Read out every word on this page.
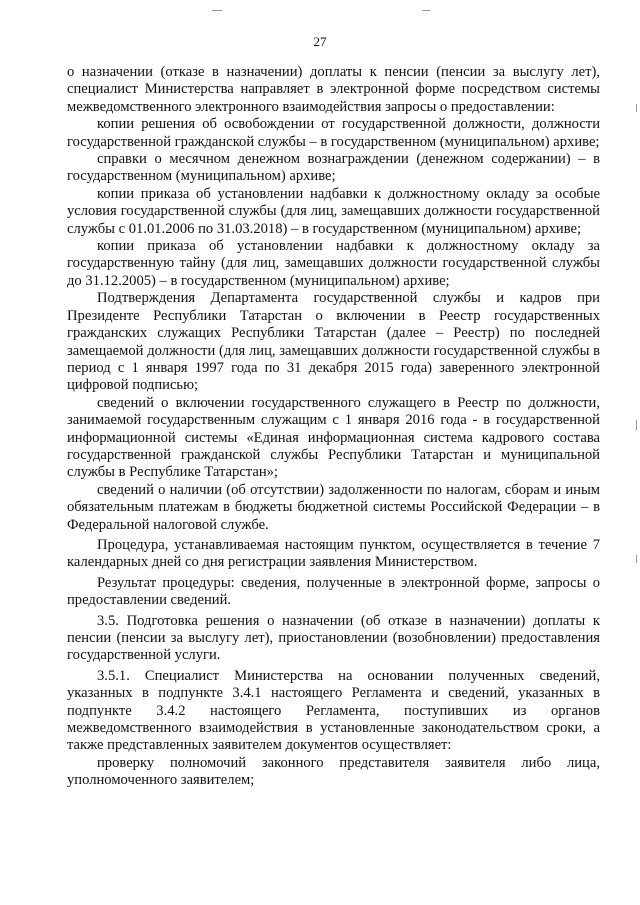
27

о назначении (отказе в назначении) доплаты к пенсии (пенсии за выслугу лет), специалист Министерства направляет в электронной форме посредством системы межведомственного электронного взаимодействия запросы о предоставлении:

копии решения об освобождении от государственной должности, должности государственной гражданской службы – в государственном (муниципальном) архиве;

справки о месячном денежном вознаграждении (денежном содержании) – в государственном (муниципальном) архиве;

копии приказа об установлении надбавки к должностному окладу за особые условия государственной службы (для лиц, замещавших должности государственной службы с 01.01.2006 по 31.03.2018) – в государственном (муниципальном) архиве;

копии приказа об установлении надбавки к должностному окладу за государственную тайну (для лиц, замещавших должности государственной службы до 31.12.2005) – в государственном (муниципальном) архиве;

Подтверждения Департамента государственной службы и кадров при Президенте Республики Татарстан о включении в Реестр государственных гражданских служащих Республики Татарстан (далее – Реестр) по последней замещаемой должности (для лиц, замещавших должности государственной службы в период с 1 января 1997 года по 31 декабря 2015 года) заверенного электронной цифровой подписью;

сведений о включении государственного служащего в Реестр по должности, занимаемой государственным служащим с 1 января 2016 года - в государственной информационной системы «Единая информационная система кадрового состава государственной гражданской службы Республики Татарстан и муниципальной службы в Республике Татарстан»;

сведений о наличии (об отсутствии) задолженности по налогам, сборам и иным обязательным платежам в бюджеты бюджетной системы Российской Федерации – в Федеральной налоговой службе.

Процедура, устанавливаемая настоящим пунктом, осуществляется в течение 7 календарных дней со дня регистрации заявления Министерством.

Результат процедуры: сведения, полученные в электронной форме, запросы о предоставлении сведений.

3.5. Подготовка решения о назначении (об отказе в назначении) доплаты к пенсии (пенсии за выслугу лет), приостановлении (возобновлении) предоставления государственной услуги.

3.5.1. Специалист Министерства на основании полученных сведений, указанных в подпункте 3.4.1 настоящего Регламента и сведений, указанных в подпункте 3.4.2 настоящего Регламента, поступивших из органов межведомственного взаимодействия в установленные законодательством сроки, а также представленных заявителем документов осуществляет:

проверку полномочий законного представителя заявителя либо лица, уполномоченного заявителем;
